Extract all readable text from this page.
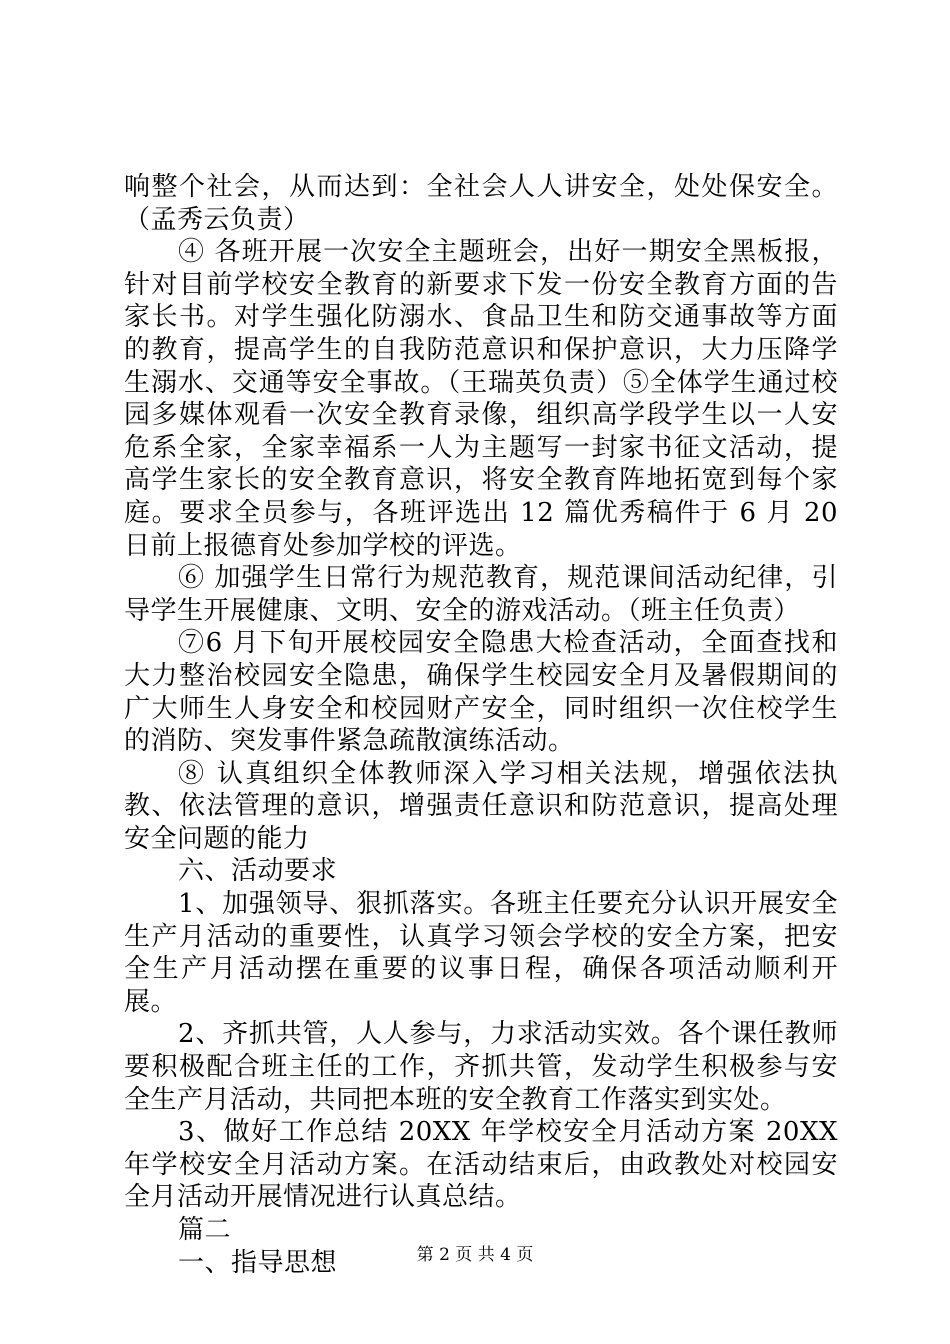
响整个社会，从而达到：全社会人人讲安全，处处保安全。（孟秀云负责）

④ 各班开展一次安全主题班会，出好一期安全黑板报，针对目前学校安全教育的新要求下发一份安全教育方面的告家长书。对学生强化防溺水、食品卫生和防交通事故等方面的教育，提高学生的自我防范意识和保护意识，大力压降学生溺水、交通等安全事故。（王瑞英负责）⑤全体学生通过校园多媒体观看一次安全教育录像，组织高学段学生以一人安危系全家，全家幸福系一人为主题写一封家书征文活动，提高学生家长的安全教育意识，将安全教育阵地拓宽到每个家庭。要求全员参与，各班评选出 12 篇优秀稿件于 6 月 20 日前上报德育处参加学校的评选。

⑥ 加强学生日常行为规范教育，规范课间活动纪律，引导学生开展健康、文明、安全的游戏活动。（班主任负责）

⑦6 月下旬开展校园安全隐患大检查活动，全面查找和大力整治校园安全隐患，确保学生校园安全月及暑假期间的广大师生人身安全和校园财产安全，同时组织一次住校学生的消防、突发事件紧急疏散演练活动。

⑧ 认真组织全体教师深入学习相关法规，增强依法执教、依法管理的意识，增强责任意识和防范意识，提高处理安全问题的能力

六、活动要求

1、加强领导、狠抓落实。各班主任要充分认识开展安全生产月活动的重要性，认真学习领会学校的安全方案，把安全生产月活动摆在重要的议事日程，确保各项活动顺利开展。

2、齐抓共管，人人参与，力求活动实效。各个课任教师要积极配合班主任的工作，齐抓共管，发动学生积极参与安全生产月活动，共同把本班的安全教育工作落实到实处。

3、做好工作总结 20XX 年学校安全月活动方案 20XX 年学校安全月活动方案。在活动结束后，由政教处对校园安全月活动开展情况进行认真总结。

篇二

一、指导思想	第 2 页 共 4 页
